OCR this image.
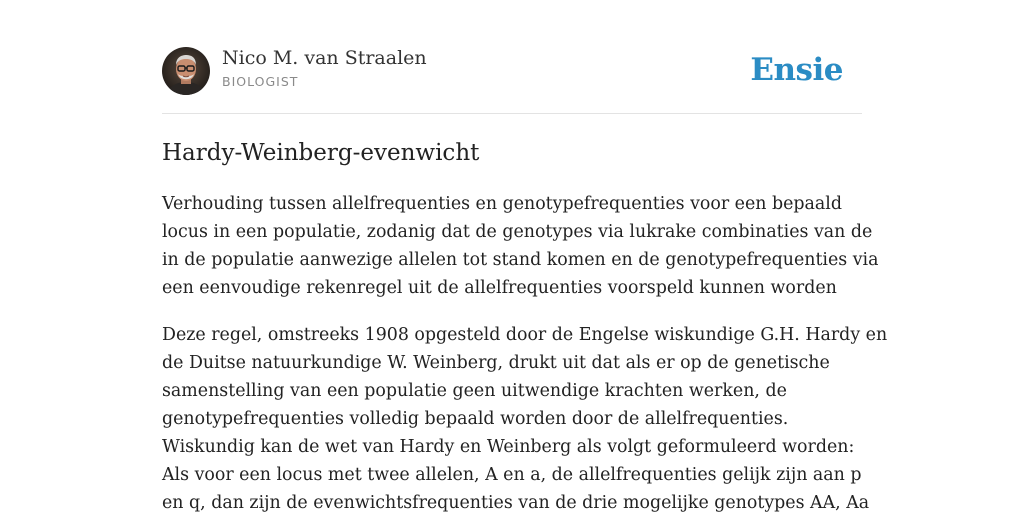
Nico M. van Straalen
BIOLOGIST	Ensie
Hardy-Weinberg-evenwicht

Verhouding tussen allelfrequenties en genotypefrequenties voor een bepaald
locus in een populatie, zodanig dat de genotypes via lukrake combinaties van de
in de populatie aanwezige allelen tot stand komen en de genotypefrequenties via
een eenvoudige rekenregel uit de allelfrequenties voorspeld kunnen worden

Deze regel, omstreeks 1908 opgesteld door de Engelse wiskundige G.H. Hardy en
de Duitse natuurkundige W. Weinberg, drukt uit dat als er op de genetische
samenstelling van een populatie geen uitwendige krachten werken, de
genotypefrequenties volledig bepaald worden door de allelfrequenties.
Wiskundig kan de wet van Hardy en Weinberg als volgt geformuleerd worden:
Als voor een locus met twee allelen, A en a, de allelfrequenties gelijk zijn aan p
en q, dan zijn de evenwichtsfrequenties van de drie mogelijke genotypes AA, Aa
